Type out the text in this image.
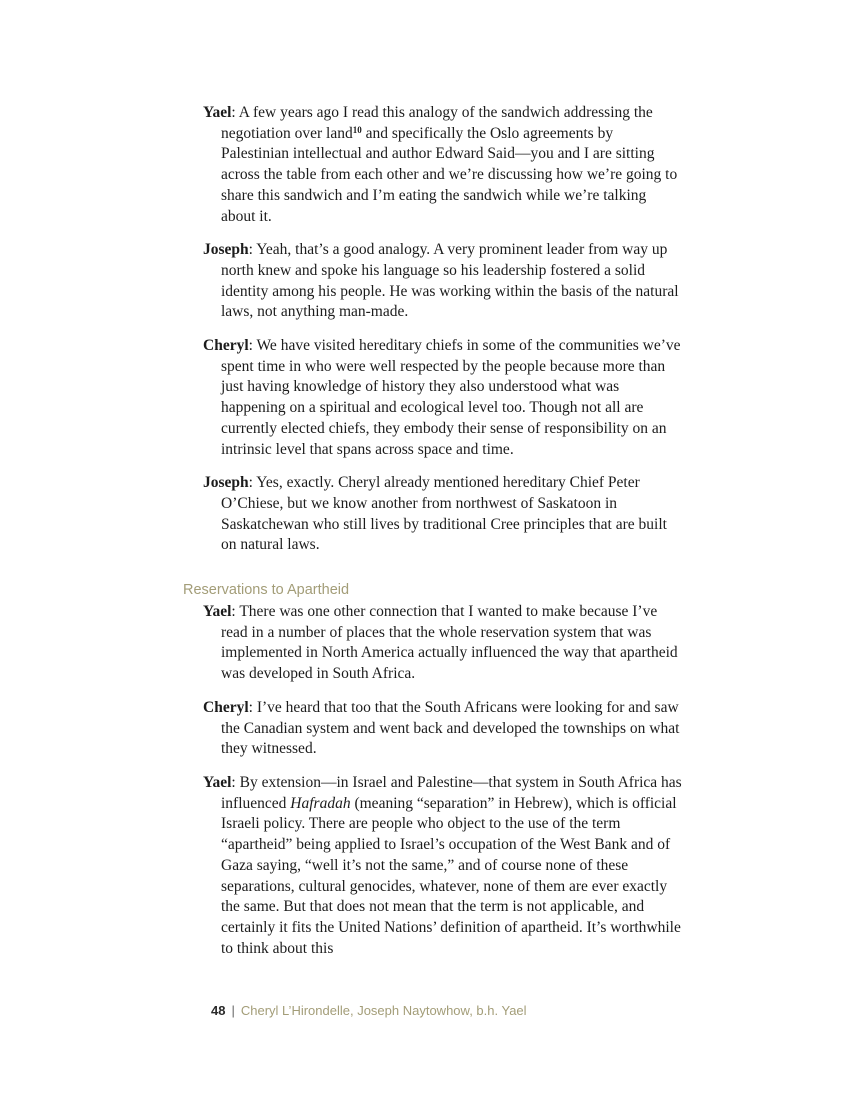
Yael: A few years ago I read this analogy of the sandwich addressing the negotiation over land$^{10}$ and specifically the Oslo agreements by Palestinian intellectual and author Edward Said—you and I are sitting across the table from each other and we’re discussing how we’re going to share this sandwich and I’m eating the sandwich while we’re talking about it.

Joseph: Yeah, that’s a good analogy. A very prominent leader from way up north knew and spoke his language so his leadership fostered a solid identity among his people. He was working within the basis of the natural laws, not anything man-made.

Cheryl: We have visited hereditary chiefs in some of the communities we’ve spent time in who were well respected by the people because more than just having knowledge of history they also understood what was happening on a spiritual and ecological level too. Though not all are currently elected chiefs, they embody their sense of responsibility on an intrinsic level that spans across space and time.

Joseph: Yes, exactly. Cheryl already mentioned hereditary Chief Peter O’Chiese, but we know another from northwest of Saskatoon in Saskatchewan who still lives by traditional Cree principles that are built on natural laws.

Reservations to Apartheid

Yael: There was one other connection that I wanted to make because I’ve read in a number of places that the whole reservation system that was implemented in North America actually influenced the way that apartheid was developed in South Africa.

Cheryl: I’ve heard that too that the South Africans were looking for and saw the Canadian system and went back and developed the townships on what they witnessed.

Yael: By extension—in Israel and Palestine—that system in South Africa has influenced Hafradah (meaning “separation” in Hebrew), which is official Israeli policy. There are people who object to the use of the term “apartheid” being applied to Israel’s occupation of the West Bank and of Gaza saying, “well it’s not the same,” and of course none of these separations, cultural genocides, whatever, none of them are ever exactly the same. But that does not mean that the term is not applicable, and certainly it fits the United Nations’ definition of apartheid. It’s worthwhile to think about this

48 | Cheryl L’Hirondelle, Joseph Naytowhow, b.h. Yael
